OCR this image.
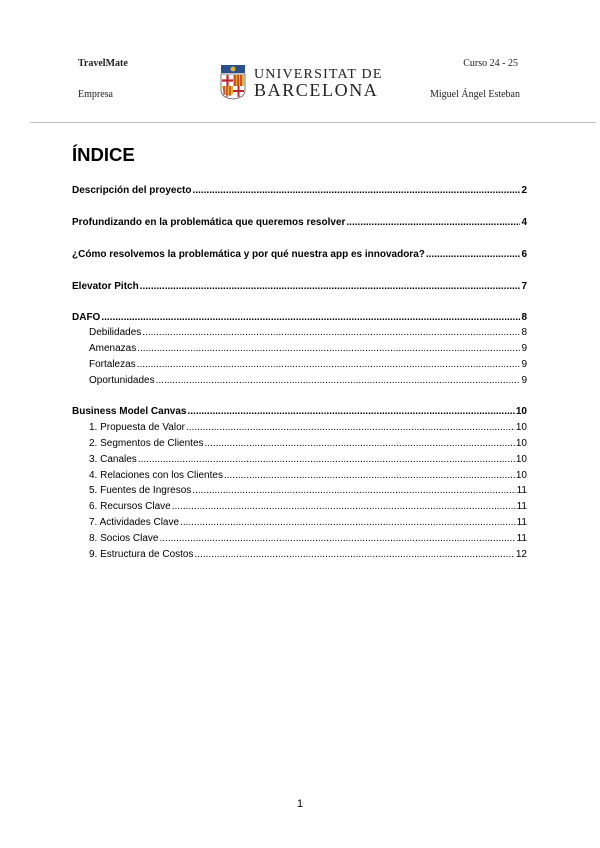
TravelMate
Empresa
Curso 24 - 25
Miguel Ángel Esteban
UNIVERSITAT DE
BARCELONA
ÍNDICE
Descripción del proyecto .....	2
Profundizando en la problemática que queremos resolver .....	4
¿Cómo resolvemos la problemática y por qué nuestra app es innovadora? .....	6
Elevator Pitch .....	7
DAFO .....	8
Debilidades .....	8
Amenazas .....	9
Fortalezas .....	9
Oportunidades .....	9
Business Model Canvas .....	10
1. Propuesta de Valor .....	10
2. Segmentos de Clientes .....	10
3. Canales .....	10
4. Relaciones con los Clientes .....	10
5. Fuentes de Ingresos .....	11
6. Recursos Clave .....	11
7. Actividades Clave .....	11
8. Socios Clave .....	11
9. Estructura de Costos .....	12
1
